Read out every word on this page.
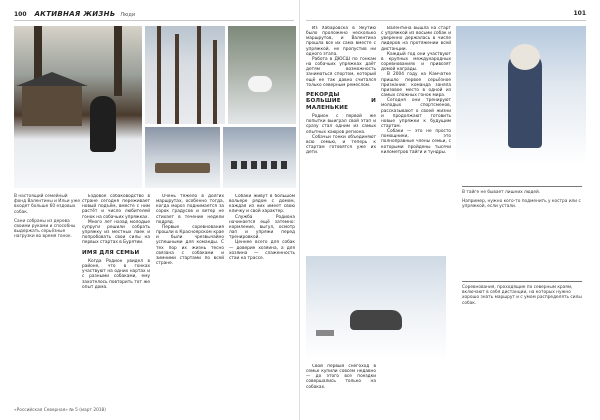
100 АКТИВНАЯ ЖИЗНЬ Люди	101

В настоящий семейный фонд Валентины и Ильи уже входят больше 60 ездовых собак.

Сани собраны из дерева своими руками и способны выдержать серьёзные нагрузки во время гонок.

В тайге не бывает лишних людей.

Например, нужно кого-то подменить у костра или с упряжкой, если устали.

Соревнования, проходящие по северным краям, включают в себя дистанции, на которых нужно хорошо знать маршрут и с умом распределять силы собак.

Ездовое собаководство в стране сегодня переживает новый подъём, вместе с ним растёт и число любителей гонок на собачьих упряжках.

Много лет назад молодые супруги решили собрать упряжку из местных лаек и попробовать свои силы на первых стартах в Бурятии.

ИМЯ ДЛЯ СЕМЬИ

Когда Родион увидел в районе, что в гонках участвуют на одних нартах и с разными собаками, ему захотелось повторить тот же опыт дома.

Очень тяжело в долгих маршрутах, особенно тогда, когда мороз поднимается за сорок градусов и ветер не стихает в течение недели подряд.

Первые соревнования прошли в Красноярском крае и были чрезвычайно успешными для команды. С тех пор их жизнь тесно связана с собаками и зимними стартами по всей стране.

Собаки живут в большом вольере рядом с домом, каждая из них имеет свою кличку и свой характер.

Служба Родиона начинается ещё затемно: кормление, выгул, осмотр лап и упряжи перед тренировкой.

Ценнее всего для собак — доверие хозяина, а для хозяина — слаженность стаи на трассе.

Из Хабаровска в Якутию было проложено несколько маршрутов, и Валентина прошла все их сама вместе с упряжкой, не пропустив ни одного этапа.

Работа в ДЮСШ по гонкам на собачьих упряжках даёт детям возможность заниматься спортом, который ещё не так давно считался только северным ремеслом.

РЕКОРДЫ БОЛЬШИЕ И МАЛЕНЬКИЕ

Родион с первой же попытки выиграл свой этап и сразу стал одним из самых опытных каюров региона.

Собачьи гонки объединяют всю семью, и теперь к стартам готовятся уже их дети.

Валентина вышла на старт с упряжкой из восьми собак и уверенно держалась в числе лидеров на протяжении всей дистанции.

Каждый год они участвуют в крупных международных соревнованиях и привозят домой награды.

В 2004 году на Камчатке пришло первое серьёзное признание: команда заняла призовое место в одной из самых сложных гонок мира.

Сегодня они тренируют молодых спортсменов, рассказывают о своей жизни и продолжают готовить новые упряжки к будущим стартам.

Собаки — это не просто помощники, это полноправные члены семьи, с которыми пройдены тысячи километров тайги и тундры.

Свой первый снегоход в семье купили совсем недавно — до этого все поездки совершались только на собаках.

«Российская Северная» № 5 (март 2018)
